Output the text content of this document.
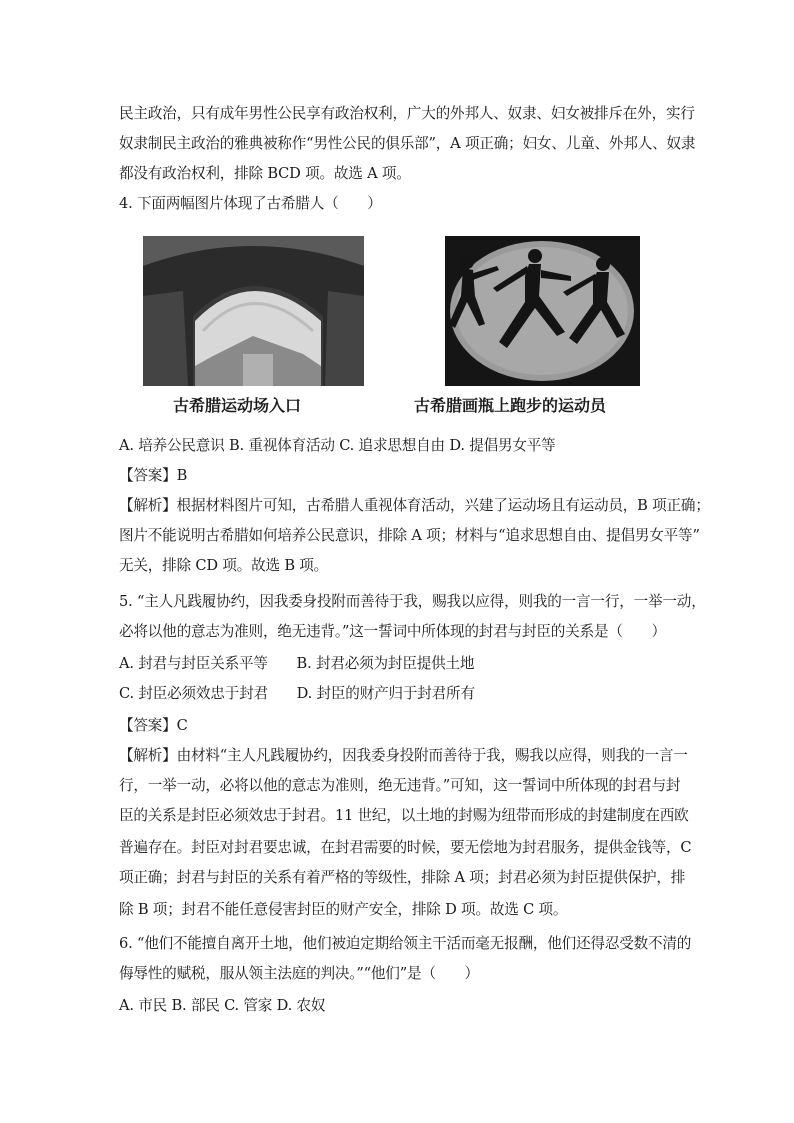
民主政治，只有成年男性公民享有政治权利，广大的外邦人、奴隶、妇女被排斥在外，实行
奴隶制民主政治的雅典被称作“男性公民的俱乐部”，A 项正确；妇女、儿童、外邦人、奴隶
都没有政治权利，排除 BCD 项。故选 A 项。
4. 下面两幅图片体现了古希腊人（　　）
古希腊运动场入口	古希腊画瓶上跑步的运动员
A. 培养公民意识 B. 重视体育活动 C. 追求思想自由 D. 提倡男女平等
【答案】B
【解析】根据材料图片可知，古希腊人重视体育活动，兴建了运动场且有运动员，B 项正确；
图片不能说明古希腊如何培养公民意识，排除 A 项；材料与“追求思想自由、提倡男女平等”
无关，排除 CD 项。故选 B 项。
5. “主人凡践履协约，因我委身投附而善待于我，赐我以应得，则我的一言一行，一举一动，
必将以他的意志为准则，绝无违背。”这一誓词中所体现的封君与封臣的关系是（　　）
A. 封君与封臣关系平等　　B. 封君必须为封臣提供土地
C. 封臣必须效忠于封君　　D. 封臣的财产归于封君所有
【答案】C
【解析】由材料“主人凡践履协约，因我委身投附而善待于我，赐我以应得，则我的一言一
行，一举一动，必将以他的意志为准则，绝无违背。”可知，这一誓词中所体现的封君与封
臣的关系是封臣必须效忠于封君。11 世纪，以土地的封赐为纽带而形成的封建制度在西欧
普遍存在。封臣对封君要忠诚，在封君需要的时候，要无偿地为封君服务，提供金钱等，C
项正确；封君与封臣的关系有着严格的等级性，排除 A 项；封君必须为封臣提供保护，排
除 B 项；封君不能任意侵害封臣的财产安全，排除 D 项。故选 C 项。
6. “他们不能擅自离开土地，他们被迫定期给领主干活而毫无报酬，他们还得忍受数不清的
侮辱性的赋税，服从领主法庭的判决。”“他们”是（　　）
A. 市民 B. 部民 C. 管家 D. 农奴
